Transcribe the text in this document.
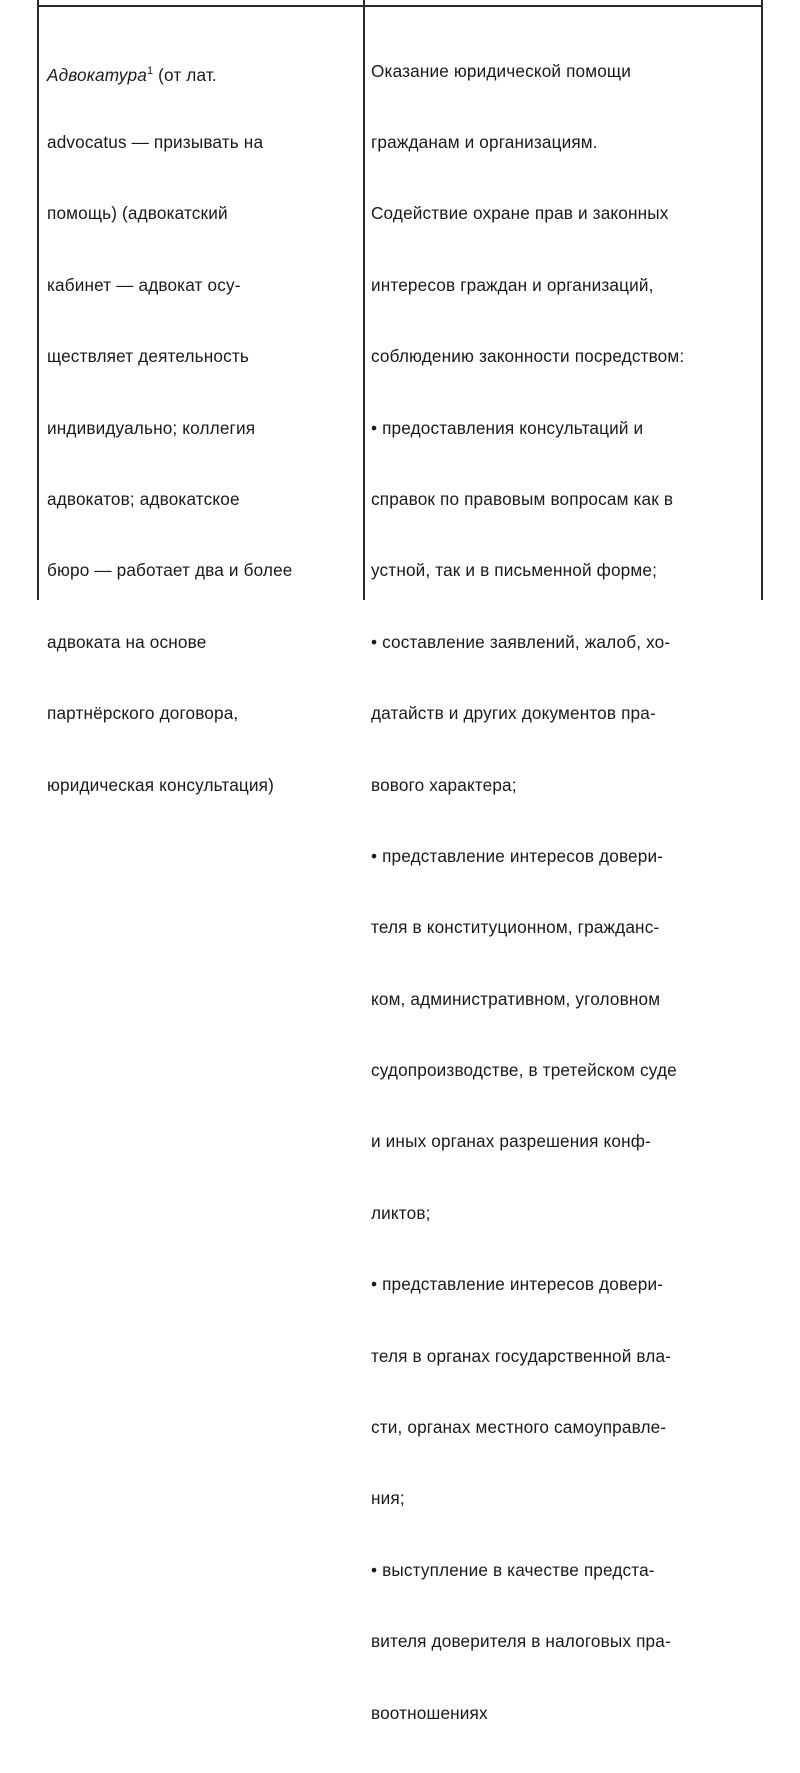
Адвокатура$^1$ (от лат.

advocatus — призывать на

помощь) (адвокатский

кабинет — адвокат осу-

ществляет деятельность

индивидуально; коллегия

адвокатов; адвокатское

бюро — работает два и более

адвоката на основе

партнёрского договора,

юридическая консультация)

Оказание юридической помощи

гражданам и организациям.

Содействие охране прав и законных

интересов граждан и организаций,

соблюдению законности посредством:

• предоставления консультаций и

справок по правовым вопросам как в

устной, так и в письменной форме;

• составление заявлений, жалоб, хо-

датайств и других документов пра-

вового характера;

• представление интересов довери-

теля в конституционном, гражданс-

ком, административном, уголовном

судопроизводстве, в третейском суде

и иных органах разрешения конф-

ликтов;

• представление интересов довери-

теля в органах государственной вла-

сти, органах местного самоуправле-

ния;

• выступление в качестве предста-

вителя доверителя в налоговых пра-

воотношениях
